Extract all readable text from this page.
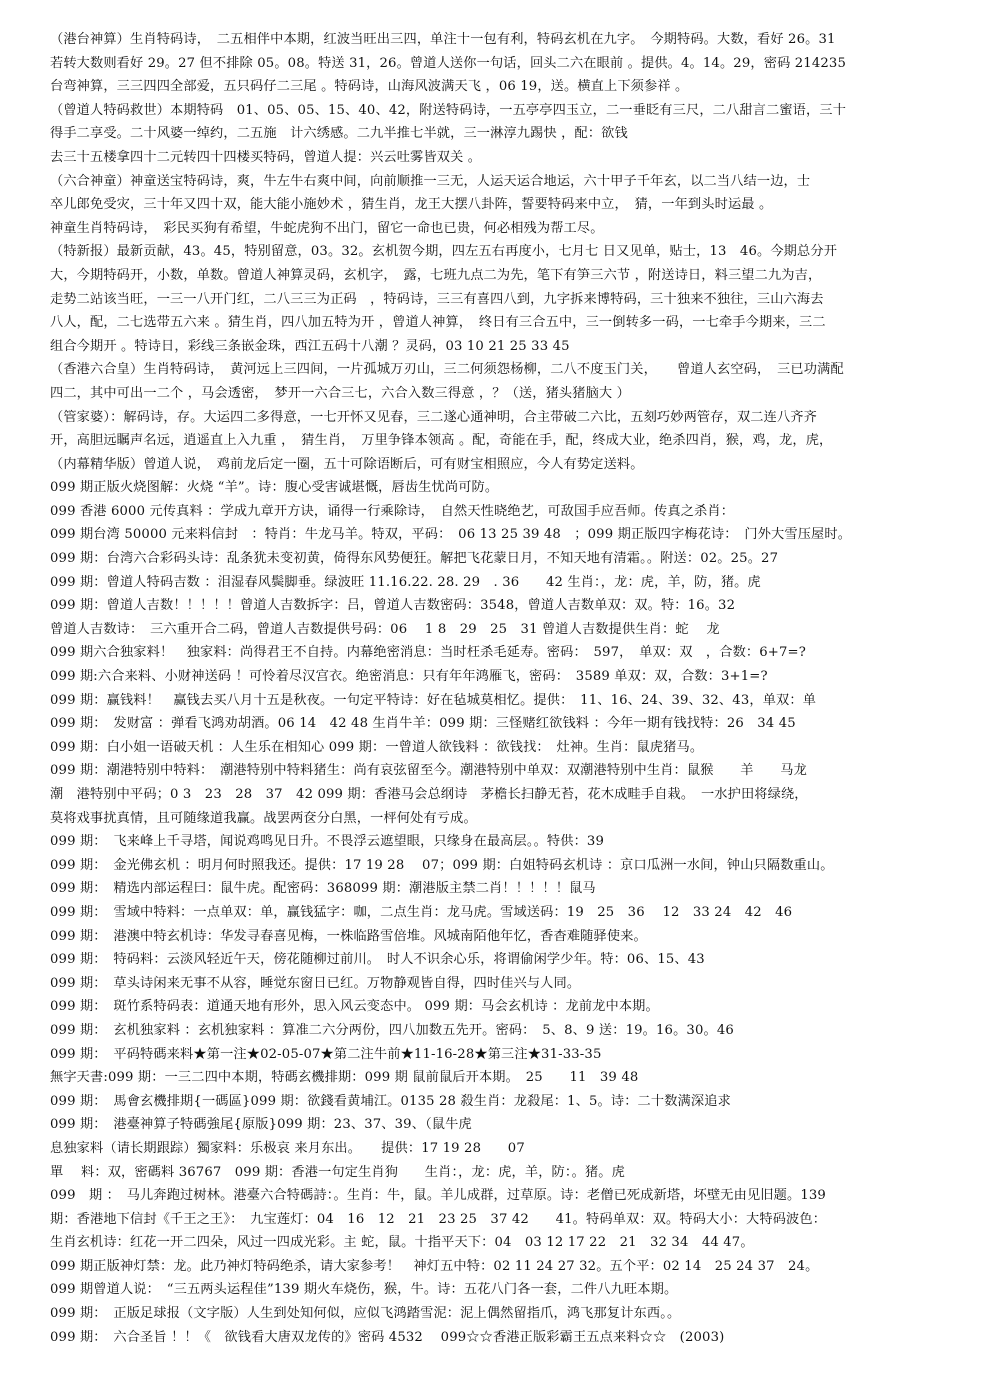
（港台神算）生肖特码诗，　二五相伴中本期，红波当旺出三四，单注十一包有利，特码玄机在九字。　今期特码。大数，看好 26。31
若转大数则看好 29。27 但不排除 05。08。特送 31，26。曾道人送你一句话，回头二六在眼前 。提供。4。14。29，密码 214235
台弯神算，三三四四全部爱，五只码仔二三尾 。特码诗，山海风波满天飞 ，06 19，送。横直上下须参祥 。
（曾道人特码救世）本期特码　01、05、05、15、40、42，附送特码诗，一五亭亭四玉立，二一垂眨有三尺，二八甜言二蜜语，三十
得手二享受。二十风婆一绰约，二五施　计六绣感。二九半推七半就，三一淋淳九踢快 ，配：欲钱
去三十五楼拿四十二元转四十四楼买特码，曾道人提：兴云吐雾皆双关 。
（六合神童）神童送宝特码诗，爽，牛左牛右爽中间，向前顺推一三无，人运天运合地运，六十甲子千年玄，以二当八结一边，士
卒儿郎免受灾，三十年又四十双，能大能小施妙术 ，猜生肖，龙王大摆八卦阵，誓要特码来中立，　猜，一年到头时运最 。
神童生肖特码诗，　彩民买狗有希望，牛蛇虎狗不出门，留它一命也已贵，何必相残为帮工尽。
（特新报）最新贡献，43。45，特别留意，03。32。玄机贺今期，四左五右再度小，七月七 日又见单，贴士，13　46。今期总分开
大，今期特码开，小数，单数。曾道人神算灵码，玄机字，　露，七班九点二为先，笔下有笋三六节 ，附送诗日，料三望二九为吉，
走势二站该当旺，一三一八开门红，二八三三为正码　，特码诗，三三有喜四八到，九字拆来博特码，三十独来不独往，三山六海去
八人，配，二七选带五六来 。猜生肖，四八加五特为开 ，曾道人神算，　终日有三合五中，三一倒转多一码，一七牵手今期来，三二
组合今期开 。特诗日，彩线三条嵌金珠，西江五码十八潮 ？灵码，03 10 21 25 33 45
（香港六合皇）生肖特码诗，　黄河远上三四间，一片孤城万刃山，三二何须怨杨柳，二八不度玉门关，　　曾道人玄空码，　三已功满配
四二，其中可出一二个 ，马会透密，　梦开一六合三七，六合入数三得意 ，？（送，猪头猪脑大 ）
（管家婆）：解码诗，存。大运四二多得意，一七开怀又见春，三二遂心通神明，合主带破二六比，五刻巧妙两管存，双二连八齐齐
开，高胆远瞩声名远，逍遥直上入九重 ，　猜生肖，　万里争锋本领高 。配，奇能在手，配，终成大业，绝杀四肖，猴，鸡，龙，虎，
（内幕精华版）曾道人说，　鸡前龙后定一圈，五十可除语断后，可有财宝相照应，今人有势定送料。
099 期正版火烧图解：火烧 “羊”。诗：腹心受害诚堪慨，唇齿生忧尚可防。
099 香港 6000 元传真料 ：学成九章开方诀，诵得一行乘除诗，　自然天性晓绝艺，可敌国手应吾师。传真之杀肖：
099 期台湾 50000 元来料信封　：特肖：牛龙马羊。特双，平码：　06 13 25 39 48　；099 期正版四字梅花诗：　门外大雪压屋时。
099 期：台湾六合彩码头诗：乱条犹未变初黄，倚得东风势便狂。解把飞花蒙日月，不知天地有清霜。。附送：02。25。27
099 期：曾道人特码吉数 ：泪湿春风鬓脚垂。绿波旺 11.16.22. 28. 29　. 36　　42 生肖：，龙：虎，羊，防，猪。虎
099 期：曾道人吉数！！！！！曾道人吉数拆字：吕，曾道人吉数密码：3548，曾道人吉数单双：双。特：16。32
曾道人吉数诗：　三六重开合二码，曾道人吉数提供号码：06　 1 8　29　25　31 曾道人吉数提供生肖：蛇　 龙
099 期六合独家料！　独家料：尚得君王不自持。内幕绝密消息：当时枉杀毛延寿。密码：　597，　单双：双　，合数：6+7=?
099 期:六合来料、小财神送码 ！可怜着尽汉宫衣。绝密消息：只有年年鸿雁飞，密码：　3589 单双：双，合数：3+1=?
099 期：赢钱料！　赢钱去买八月十五是秋夜。一句定平特诗：好在毡城莫相忆。提供：　11、16、24、39、32、43，单双：单
099 期：　发财富 ：弹看飞鸿劝胡酒。06 14　42 48 生肖牛羊：099 期：三怪赌红欲钱料 ：今年一期有钱找特：26　34 45
099 期：白小姐一语破天机 ：人生乐在相知心 099 期：一曾道人欲钱料 ：欲钱找：　灶神。生肖：鼠虎猪马。
099 期：潮港特别中特料：　潮港特别中特料猪生：尚有哀弦留至今。潮港特别中单双：双潮港特别中生肖：鼠猴　　羊　　马龙
潮　港特别中平码；0 3　23　28　37　42 099 期：香港马会总纲诗　茅檐长扫静无苔，花木成畦手自栽。　一水护田将绿绕，
莫将戏事扰真情，且可随缘道我赢。战罢两奁分白黑，一枰何处有亏成。
099 期：　飞来峰上千寻塔，闻说鸡鸣见日升。不畏浮云遮望眼，只缘身在最高层。。特供：39
099 期：　金光佛玄机 ：明月何时照我还。提供：17 19 28　 07；099 期：白姐特码玄机诗 ：京口瓜洲一水间，钟山只隔数重山。
099 期：　精选内部运程曰：鼠牛虎。配密码：368099 期：潮港版主禁二肖！！！！！鼠马
099 期：　雪域中特料：一点单双：单，赢钱猛字：咖，二点生肖：龙马虎。雪域送码：19　25　36　 12　33 24　42　46
099 期：　港澳中特玄机诗：华发寻春喜见梅，一株临路雪倍堆。风城南陌他年忆，香杳难随驿使来。
099 期：　特码料：云淡风轻近午天，傍花随柳过前川。　时人不识余心乐，将谓偷闲学少年。特：06、15、43
099 期：　草头诗闲来无事不从容，睡觉东窗日已红。万物静观皆自得，四时佳兴与人同。
099 期：　斑竹系特码表：道通天地有形外，思入风云变态中。 099 期：马会玄机诗 ：龙前龙中本期。
099 期：　玄机独家料 ：玄机独家料 ：算准二六分两份，四八加数五先开。密码：　5、8、9 送：19。16。30。46
099 期：　平码特碼来料★第一注★02-05-07★第二注牛前★11-16-28★第三注★31-33-35
無字天書:099 期：一三二四中本期，特碼玄機排期：099 期 鼠前鼠后开本期。　25　　11　39 48
099 期：　馬會玄機排期{一碼區}099 期：欲錢看黄埔江。0135 28 殺生肖：龙殺尾：1、5。诗：二十数满深追求
099 期：　港臺神算子特碼強尾{原版}099 期：23、37、39、（鼠牛虎
息独家料（请长期跟踪）獨家料：乐极哀 来月东出。　　提供：17 19 28　　07
單　 料：双，密碼料 36767　099 期：香港一句定生肖狗　　生肖：，龙：虎，羊，防：。猪。虎
099　期 ：　马儿奔跑过树林。港臺六合特碼詩：。生肖：牛，鼠。羊儿成群，过草原。诗：老僧已死成新塔，坏壁无由见旧题。139
期：香港地下信封《千王之王》：　九宝莲灯：04　16　12　21　23 25　37 42　　41。特码单双：双。特码大小：大特码波色：
生肖玄机诗：红花一开二四朵，风过一四成光彩。主 蛇，鼠。十指平天下：04　03 12 17 22　21　32 34　44 47。
099 期正版神灯禁：龙。此乃神灯特码绝杀，请大家参考！　神灯五中特：02 11 24 27 32。五个平：02 14　25 24 37　24。
099 期曾道人说：　“三五两头运程佳”139 期火车烧伤，猴，牛。诗：五花八门各一套，二件八九旺本期。
099 期：　正版足球报（文字版）人生到处知何似，应似飞鸿踏雪泥：泥上偶然留指爪，鸿飞那复计东西。。
099 期：　六合圣旨 ！！《　欲钱看大唐双龙传的》密码 4532　 099☆☆香港正版彩霸王五点来料☆☆　(2003)
